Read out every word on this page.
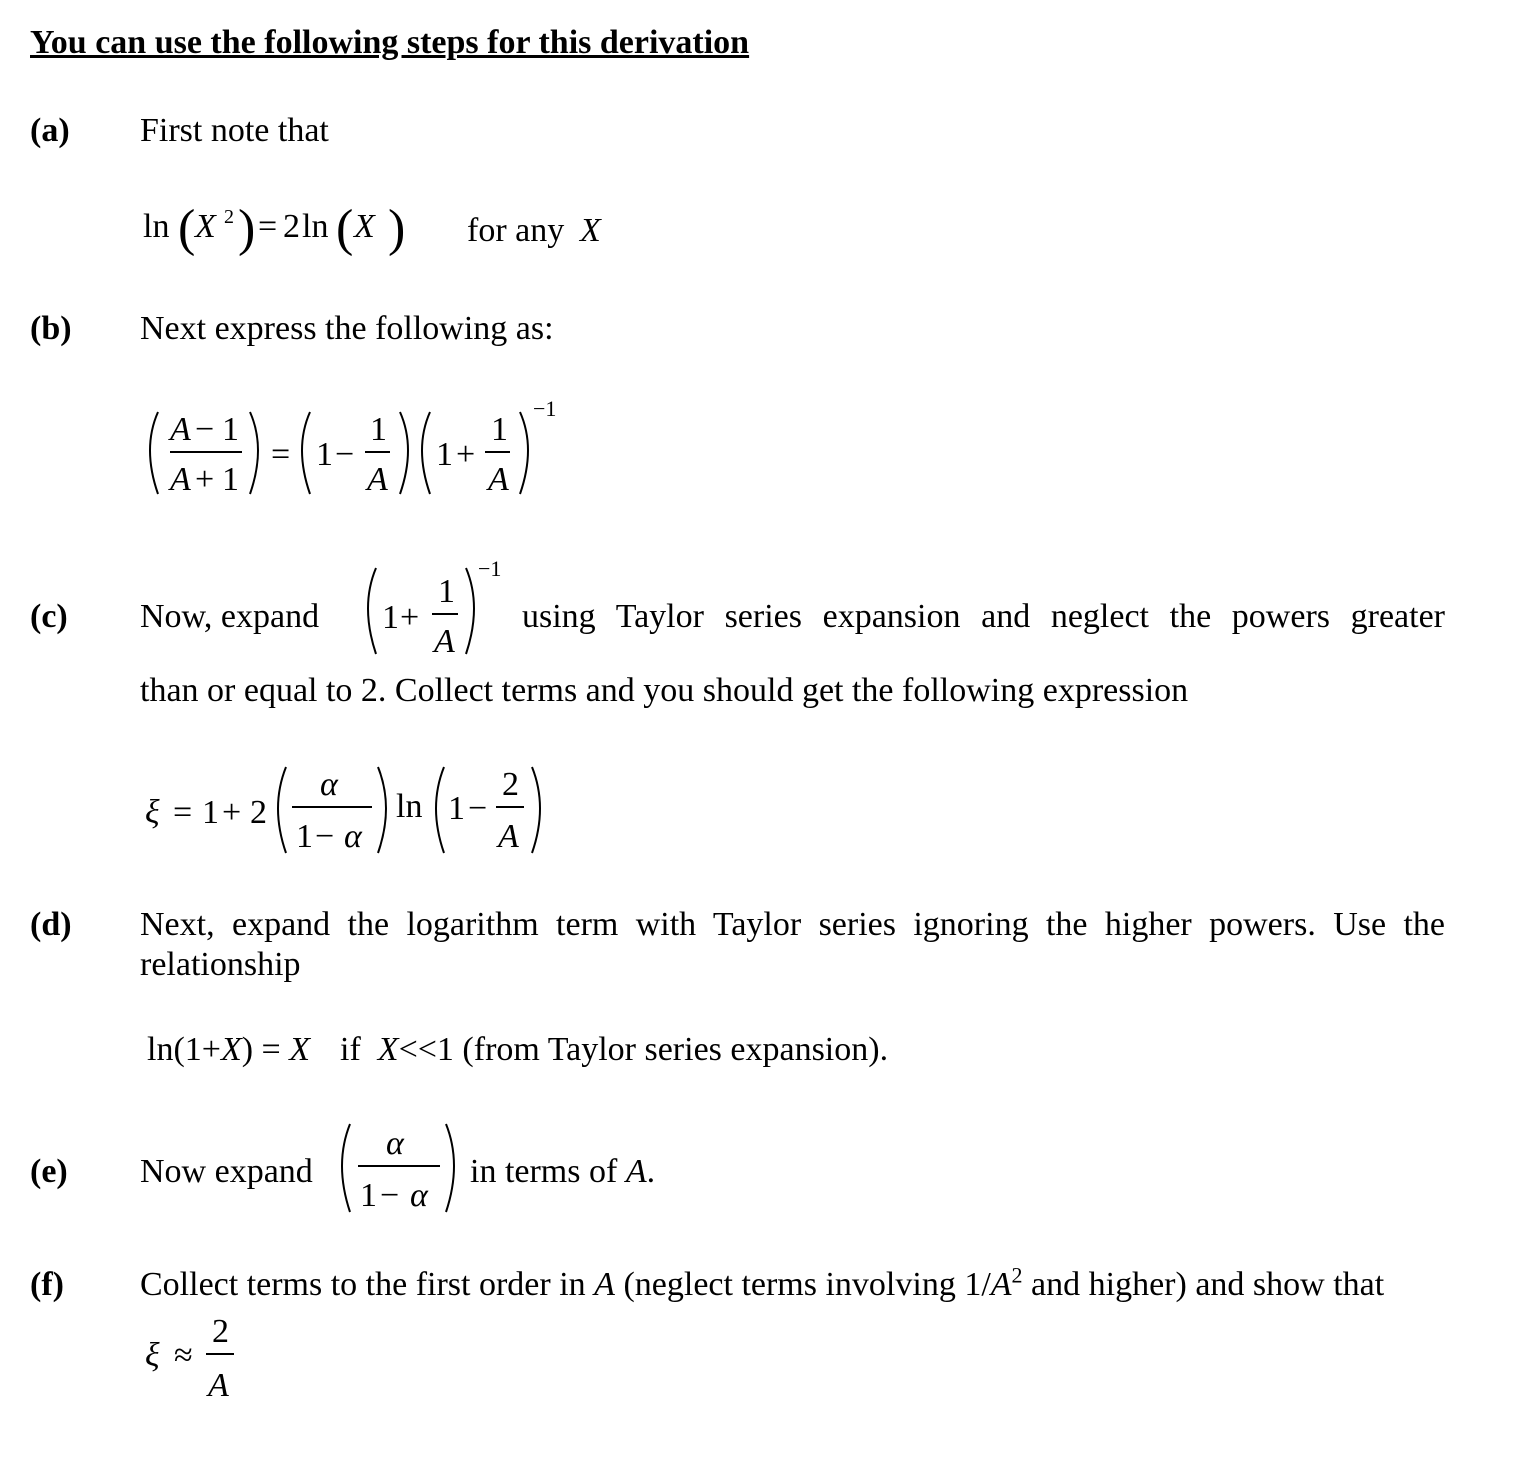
You can use the following steps for this derivation
(a) First note that
ln ( X 2 ) = 2 ln ( X ) for any X
(b) Next express the following as:
A − 1
A + 1
= 1 −
1
A
1 +
1
A
−1
(c) Now, expand 1 +
1
A
−1
using Taylor series expansion and neglect the powers greater
than or equal to 2. Collect terms and you should get the following expression
ξ = 1 + 2
α
1 − α
ln 1 −
2
A
(d) Next, expand the logarithm term with Taylor series ignoring the higher powers. Use the
relationship
ln(1+X) = X if X<<1 (from Taylor series expansion).
(e) Now expand
α
1 − α
in terms of A.
(f) Collect terms to the first order in A (neglect terms involving $1/A^2$ and higher) and show that
ξ ≈
2
A
